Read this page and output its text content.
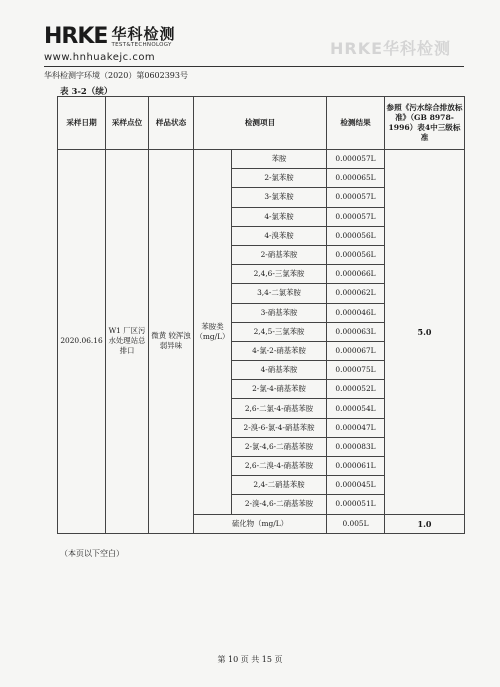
HRKE华科检测
HRKE 华科检测
TEST&TECHNOLOGY
www.hnhuakejc.com
华科检测字环境（2020）第0602393号
表 3-2（续）
采样日期	采样点位	样品状态	检测项目		检测结果	参照《污水综合排放标准》（GB 8978-1996）表4中三级标准
2020.06.16	W1 厂区污水处理站总排口	微黄 较浑浊 弱异味	苯胺类（mg/L）	苯胺	0.000057L	5.0
				2-氯苯胺	0.000065L	
				3-氯苯胺	0.000057L	
				4-氯苯胺	0.000057L	
				4-溴苯胺	0.000056L	
				2-硝基苯胺	0.000056L	
				2,4,6-三氯苯胺	0.000066L	
				3,4-二氯苯胺	0.000062L	
				3-硝基苯胺	0.000046L	
				2,4,5-三氯苯胺	0.000063L	
				4-氯-2-硝基苯胺	0.000067L	
				4-硝基苯胺	0.000075L	
				2-氯-4-硝基苯胺	0.000052L	
				2,6-二氯-4-硝基苯胺	0.000054L	
				2-溴-6-氯-4-硝基苯胺	0.000047L	
				2-氯-4,6-二硝基苯胺	0.000083L	
				2,6-二溴-4-硝基苯胺	0.000061L	
				2,4-二硝基苯胺	0.000045L	
				2-溴-4,6-二硝基苯胺	0.000051L	
			硫化物（mg/L）		0.005L	1.0
（本页以下空白）
第 10 页 共 15 页
